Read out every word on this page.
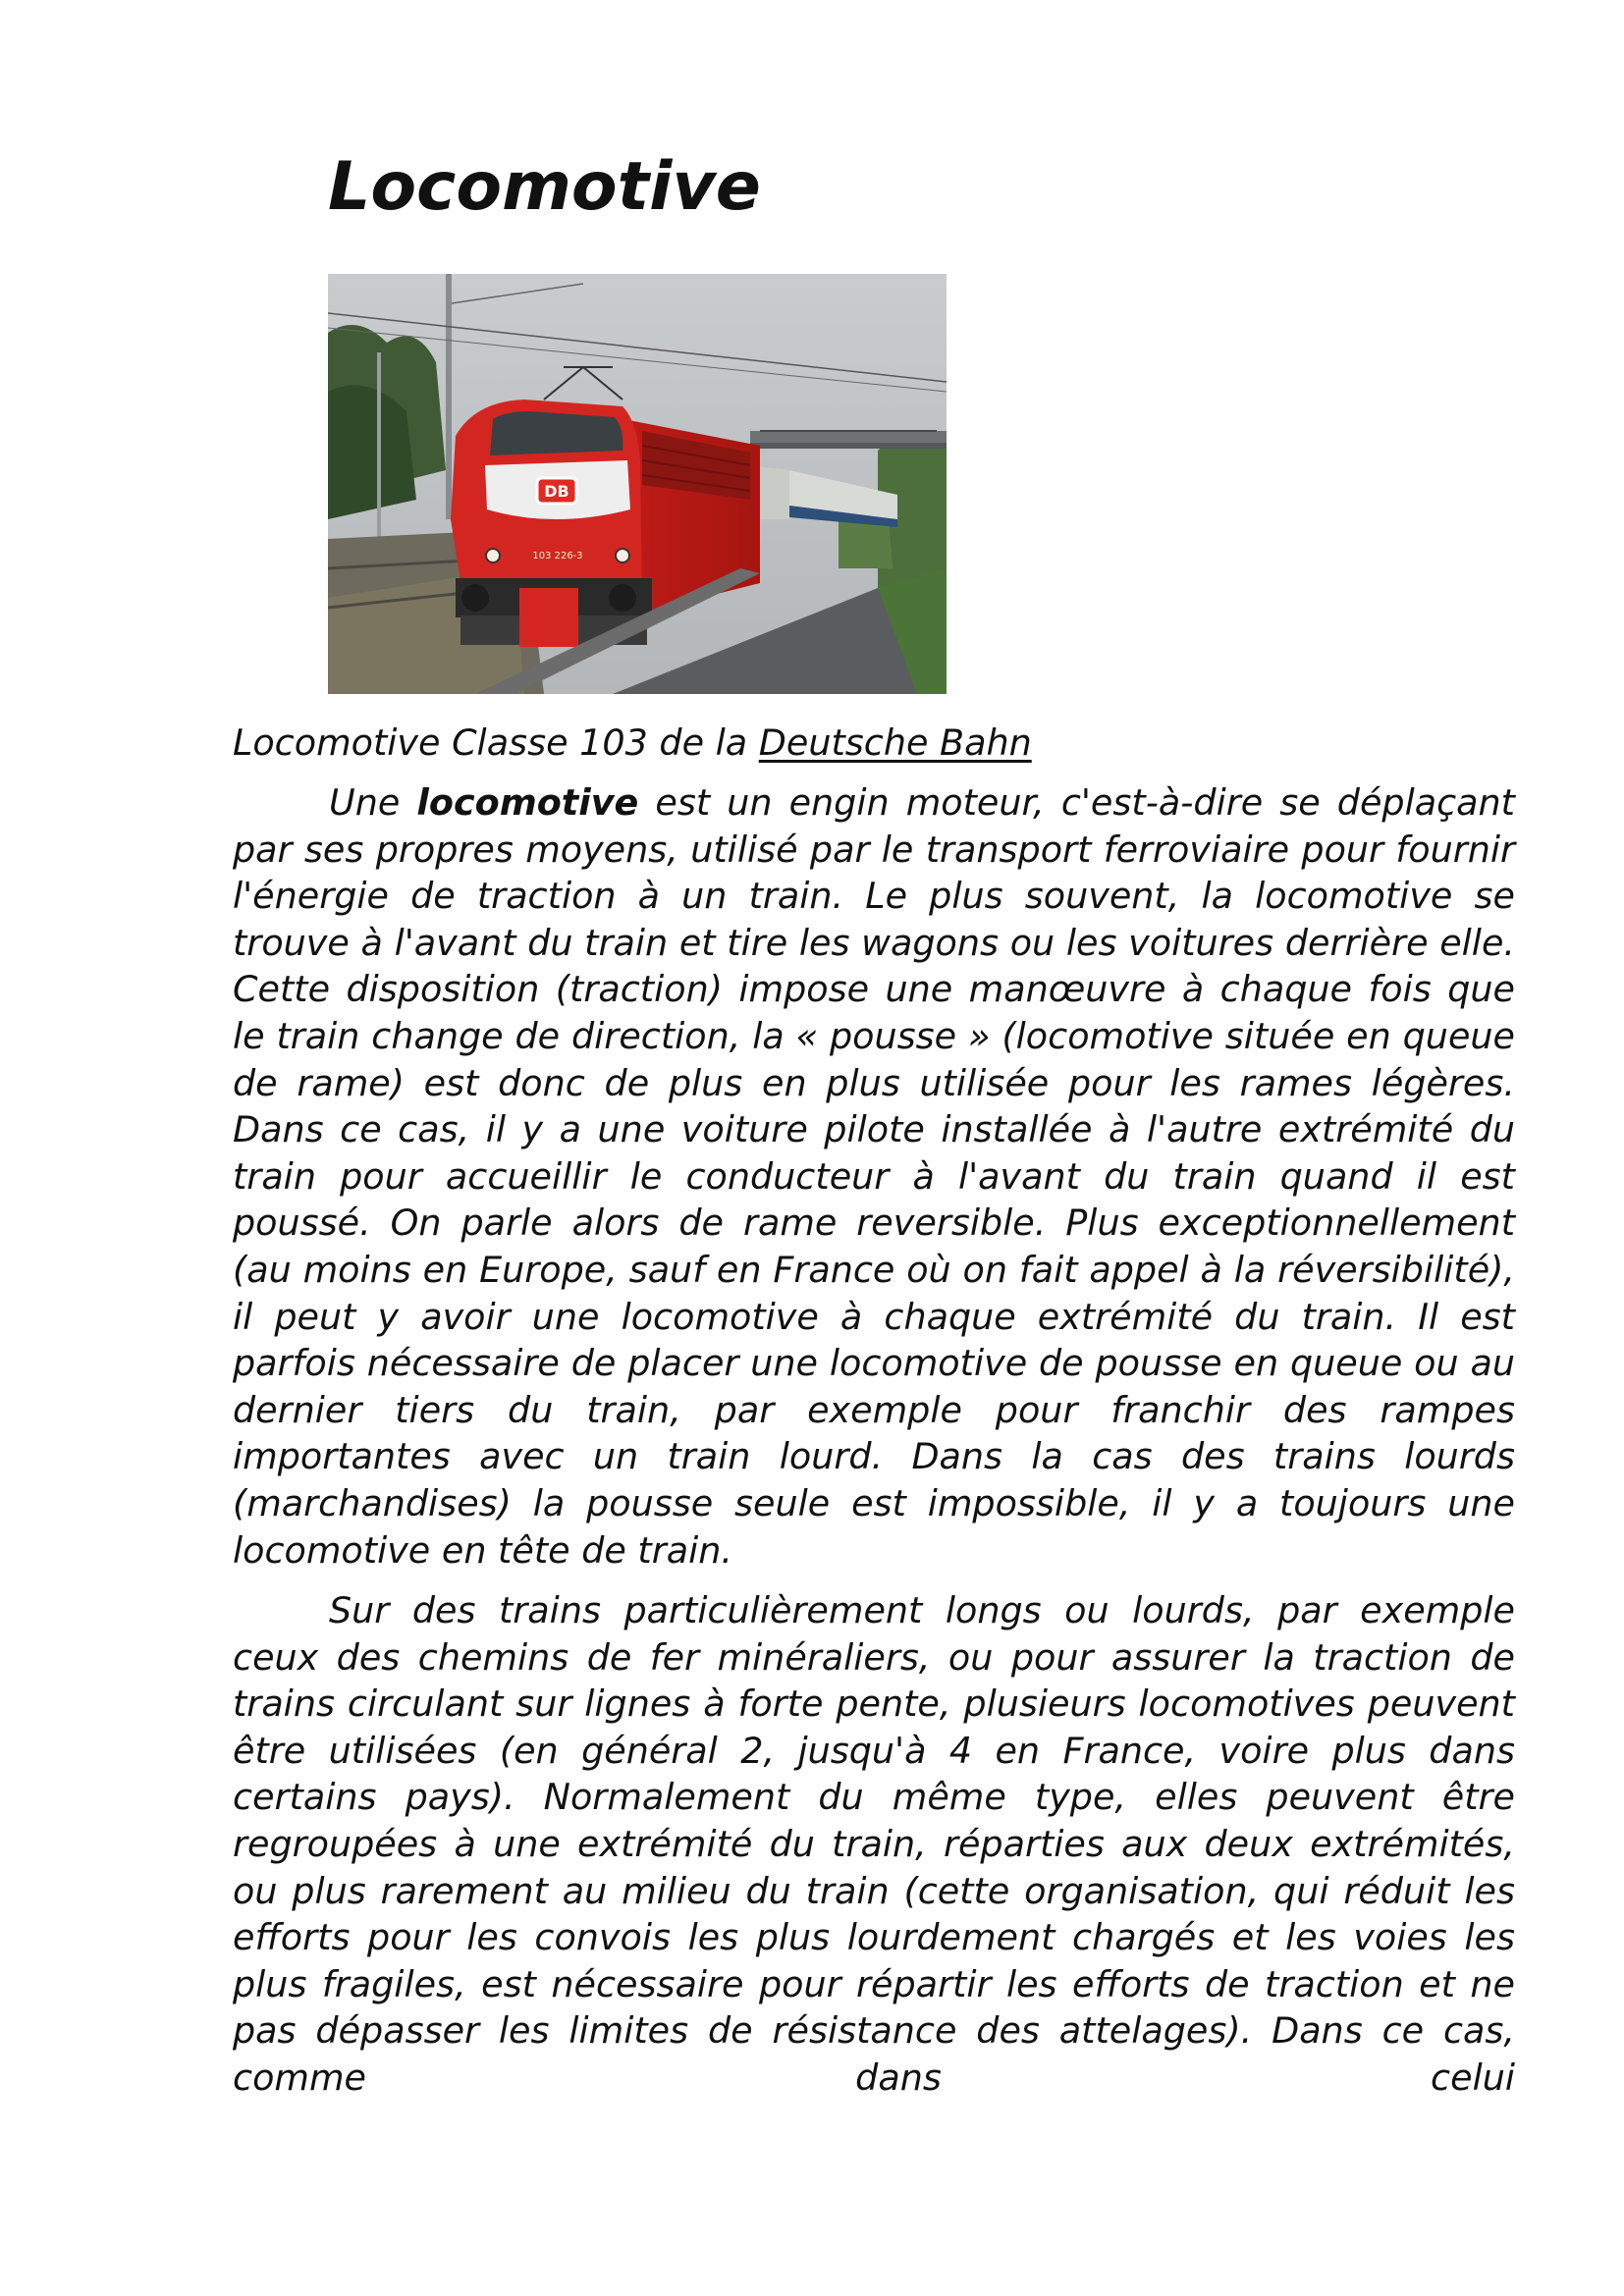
Locomotive
DB
103 226-3

Locomotive Classe 103 de la Deutsche Bahn

Une locomotive est un engin moteur, c'est-à-dire se déplaçant par ses propres moyens, utilisé par le transport ferroviaire pour fournir l'énergie de traction à un train. Le plus souvent, la locomotive se trouve à l'avant du train et tire les wagons ou les voitures derrière elle. Cette disposition (traction) impose une manœuvre à chaque fois que le train change de direction, la « pousse » (locomotive située en queue de rame) est donc de plus en plus utilisée pour les rames légères. Dans ce cas, il y a une voiture pilote installée à l'autre extrémité du train pour accueillir le conducteur à l'avant du train quand il est poussé. On parle alors de rame reversible. Plus exceptionnellement (au moins en Europe, sauf en France où on fait appel à la réversibilité), il peut y avoir une locomotive à chaque extrémité du train. Il est parfois nécessaire de placer une locomotive de pousse en queue ou au dernier tiers du train, par exemple pour franchir des rampes importantes avec un train lourd. Dans la cas des trains lourds (marchandises) la pousse seule est impossible, il y a toujours une locomotive en tête de train.

Sur des trains particulièrement longs ou lourds, par exemple ceux des chemins de fer minéraliers, ou pour assurer la traction de trains circulant sur lignes à forte pente, plusieurs locomotives peuvent être utilisées (en général 2, jusqu'à 4 en France, voire plus dans certains pays). Normalement du même type, elles peuvent être regroupées à une extrémité du train, réparties aux deux extrémités, ou plus rarement au milieu du train (cette organisation, qui réduit les efforts pour les convois les plus lourdement chargés et les voies les plus fragiles, est nécessaire pour répartir les efforts de traction et ne pas dépasser les limites de résistance des attelages). Dans ce cas, comme dans celui
